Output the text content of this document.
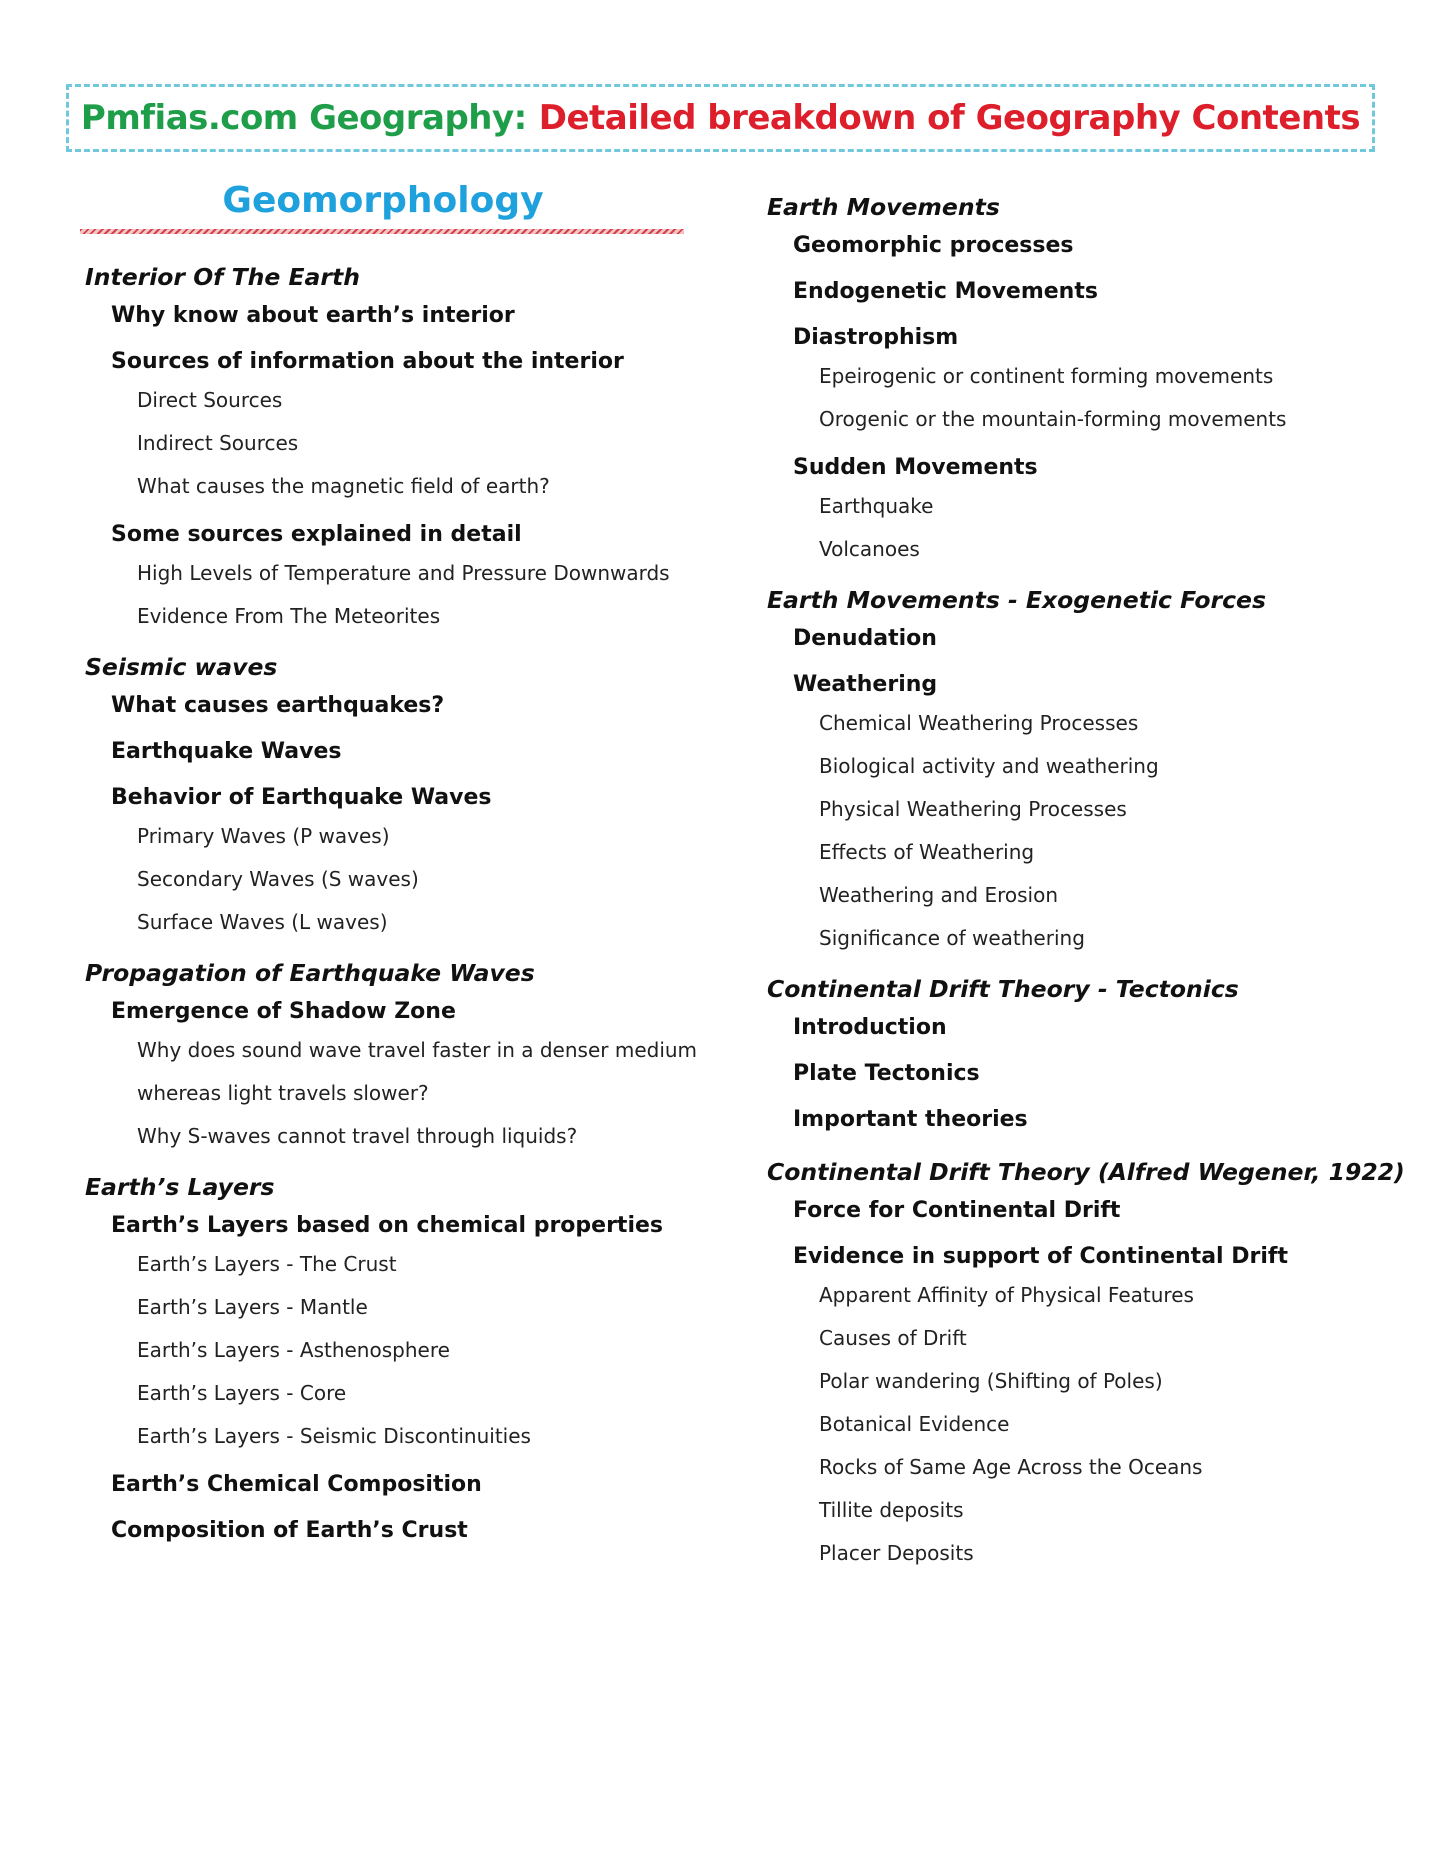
Pmfias.com Geography: Detailed breakdown of Geography Contents
Geomorphology
Interior Of The Earth
Why know about earth’s interior
Sources of information about the interior
Direct Sources
Indirect Sources
What causes the magnetic field of earth?
Some sources explained in detail
High Levels of Temperature and Pressure Downwards
Evidence From The Meteorites
Seismic waves
What causes earthquakes?
Earthquake Waves
Behavior of Earthquake Waves
Primary Waves (P waves)
Secondary Waves (S waves)
Surface Waves (L waves)
Propagation of Earthquake Waves
Emergence of Shadow Zone
Why does sound wave travel faster in a denser medium
whereas light travels slower?
Why S-waves cannot travel through liquids?
Earth’s Layers
Earth’s Layers based on chemical properties
Earth’s Layers - The Crust
Earth’s Layers - Mantle
Earth’s Layers - Asthenosphere
Earth’s Layers - Core
Earth’s Layers - Seismic Discontinuities
Earth’s Chemical Composition
Composition of Earth’s Crust
Earth Movements
Geomorphic processes
Endogenetic Movements
Diastrophism
Epeirogenic or continent forming movements
Orogenic or the mountain-forming movements
Sudden Movements
Earthquake
Volcanoes
Earth Movements - Exogenetic Forces
Denudation
Weathering
Chemical Weathering Processes
Biological activity and weathering
Physical Weathering Processes
Effects of Weathering
Weathering and Erosion
Significance of weathering
Continental Drift Theory - Tectonics
Introduction
Plate Tectonics
Important theories
Continental Drift Theory (Alfred Wegener, 1922)
Force for Continental Drift
Evidence in support of Continental Drift
Apparent Affinity of Physical Features
Causes of Drift
Polar wandering (Shifting of Poles)
Botanical Evidence
Rocks of Same Age Across the Oceans
Tillite deposits
Placer Deposits
